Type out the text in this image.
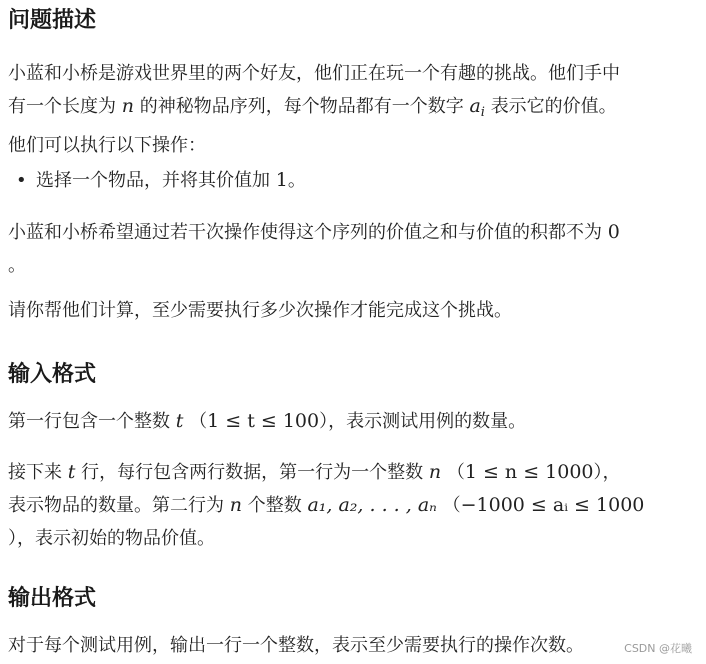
问题描述

小蓝和小桥是游戏世界里的两个好友，他们正在玩一个有趣的挑战。他们手中

有一个长度为 n 的神秘物品序列，每个物品都有一个数字 $a_i$ 表示它的价值。

他们可以执行以下操作：

• 选择一个物品，并将其价值加 1。

小蓝和小桥希望通过若干次操作使得这个序列的价值之和与价值的积都不为 0

。

请你帮他们计算，至少需要执行多少次操作才能完成这个挑战。

输入格式

第一行包含一个整数 t （1 ≤ t ≤ 100），表示测试用例的数量。

接下来 t 行，每行包含两行数据，第一行为一个整数 n （1 ≤ n ≤ 1000），

表示物品的数量。第二行为 n 个整数 a₁, a₂, . . . , aₙ （−1000 ≤ aᵢ ≤ 1000

），表示初始的物品价值。

输出格式

对于每个测试用例，输出一行一个整数，表示至少需要执行的操作次数。	CSDN @花曦
